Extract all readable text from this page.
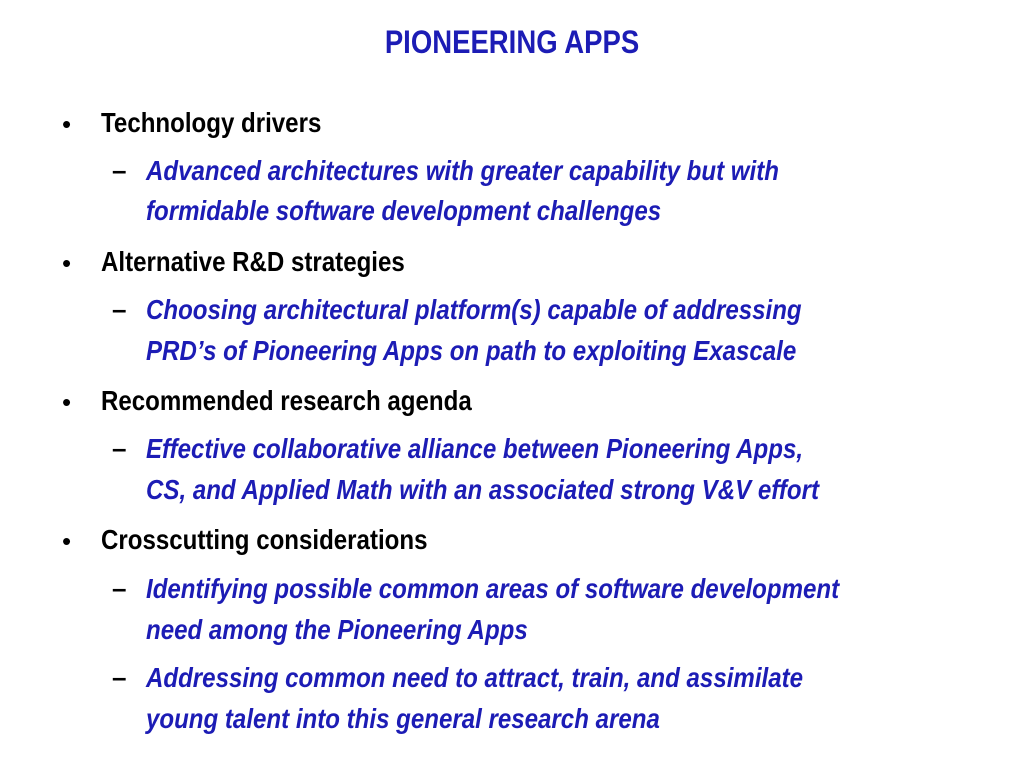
PIONEERING APPS
• Technology drivers
– Advanced architectures with greater capability but with
formidable software development challenges
• Alternative R&D strategies
– Choosing architectural platform(s) capable of addressing
PRD’s of Pioneering Apps on path to exploiting Exascale
• Recommended research agenda
– Effective collaborative alliance between Pioneering Apps,
CS, and Applied Math with an associated strong V&V effort
• Crosscutting considerations
– Identifying possible common areas of software development
need among the Pioneering Apps
– Addressing common need to attract, train, and assimilate
young talent into this general research arena
